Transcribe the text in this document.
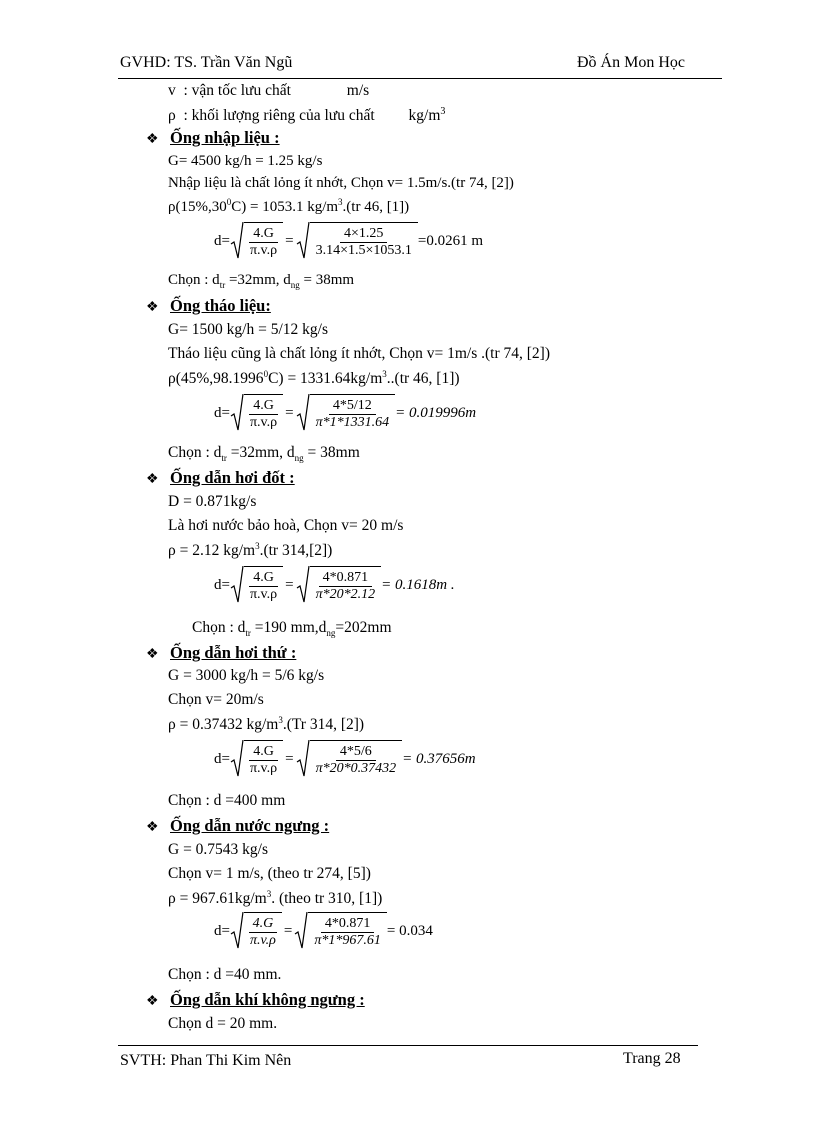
GVHD: TS. Trần Văn Ngũ	Đồ Án Mon Học
v : vận tốc lưu chất	m/s
ρ : khối lượng riêng của lưu chất $kg/m^3$
❖ Ống nhập liệu :
G= 4500 kg/h = 1.25 kg/s
Nhập liệu là chất lỏng ít nhớt, Chọn v= 1.5m/s.(tr 74, [2])
$\rho(15\%,30^0C) = 1053.1$ $kg/m^3.(tr$ 46, [1])
$d= \frac{4.G}{\pi.v.\rho} = \frac{4\times 1.25}{3.14\times 1.5\times 1053.1} =0.0261$ m
Chọn : $d_{tr} =32mm$, $d_{ng} = 38mm$
❖ Ống tháo liệu:
G= 1500 kg/h = 5/12 kg/s
Tháo liệu cũng là chất lỏng ít nhớt, Chọn v= 1m/s .(tr 74, [2])
$\rho(45\%,98.1996^0C) = 1331.64kg/m^3..(tr$ 46, [1])
$d= \frac{4.G}{\pi.v.\rho} = \frac{4*5/12}{\pi*1*1331.64} = 0.019996m$
Chọn : $d_{tr} =32mm$, $d_{ng} = 38mm$
❖ Ống dẫn hơi đốt :
D = 0.871kg/s
Là hơi nước bảo hoà, Chọn v= 20 m/s
ρ = 2.12 $kg/m^3.(tr$ 314,[2])
$d= \frac{4.G}{\pi.v.\rho} = \frac{4*0.871}{\pi*20*2.12} = 0.1618m$ .
Chọn : $d_{tr} =190$ $mm,d_{ng}=202mm$
❖ Ống dẫn hơi thứ :
G = 3000 kg/h = 5/6 kg/s
Chọn v= 20m/s
ρ = 0.37432 $kg/m^3.(Tr$ 314, [2])
$d= \frac{4.G}{\pi.v.\rho} = \frac{4*5/6}{\pi*20*0.37432} = 0.37656m$
Chọn : d =400 mm
❖ Ống dẫn nước ngưng :
G = 0.7543 kg/s
Chọn v= 1 m/s, (theo tr 274, [5])
$\rho = 967.61kg/m^3$. (theo tr 310, [1])
$d= \frac{4.G}{\pi.v.\rho} = \frac{4*0.871}{\pi*1*967.61} = 0.034$
Chọn : d =40 mm.
❖ Ống dẫn khí không ngưng :
Chọn d = 20 mm.
SVTH: Phan Thi Kim Nên	Trang 28
